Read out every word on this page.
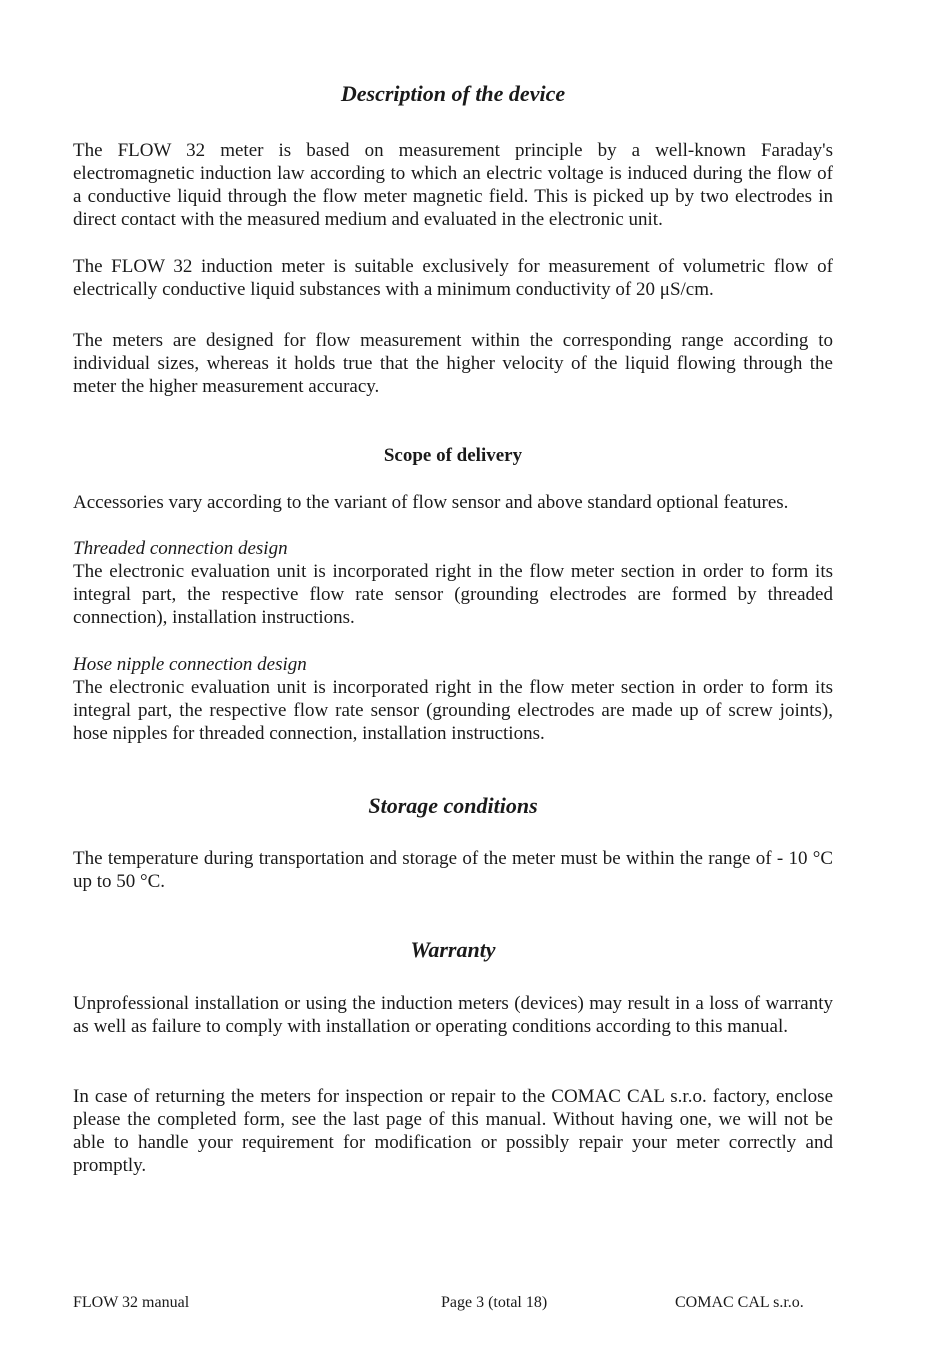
Description of the device

The FLOW 32 meter is based on measurement principle by a well-known Faraday's electromagnetic induction law according to which an electric voltage is induced during the flow of a conductive liquid through the flow meter magnetic field. This is picked up by two electrodes in direct contact with the measured medium and evaluated in the electronic unit.

The FLOW 32 induction meter is suitable exclusively for measurement of volumetric flow of electrically conductive liquid substances with a minimum conductivity of 20 μS/cm.

The meters are designed for flow measurement within the corresponding range according to individual sizes, whereas it holds true that the higher velocity of the liquid flowing through the meter the higher measurement accuracy.

Scope of delivery

Accessories vary according to the variant of flow sensor and above standard optional features.

Threaded connection design

The electronic evaluation unit is incorporated right in the flow meter section in order to form its integral part, the respective flow rate sensor (grounding electrodes are formed by threaded connection), installation instructions.

Hose nipple connection design

The electronic evaluation unit is incorporated right in the flow meter section in order to form its integral part, the respective flow rate sensor (grounding electrodes are made up of screw joints), hose nipples for threaded connection, installation instructions.

Storage conditions

The temperature during transportation and storage of the meter must be within the range of - 10 °C up to 50 °C.

Warranty

Unprofessional installation or using the induction meters (devices) may result in a loss of warranty as well as failure to comply with installation or operating conditions according to this manual.

In case of returning the meters for inspection or repair to the COMAC CAL s.r.o. factory, enclose please the completed form, see the last page of this manual. Without having one, we will not be able to handle your requirement for modification or possibly repair your meter correctly and promptly.

FLOW 32 manual	Page 3 (total 18)	COMAC CAL s.r.o.
